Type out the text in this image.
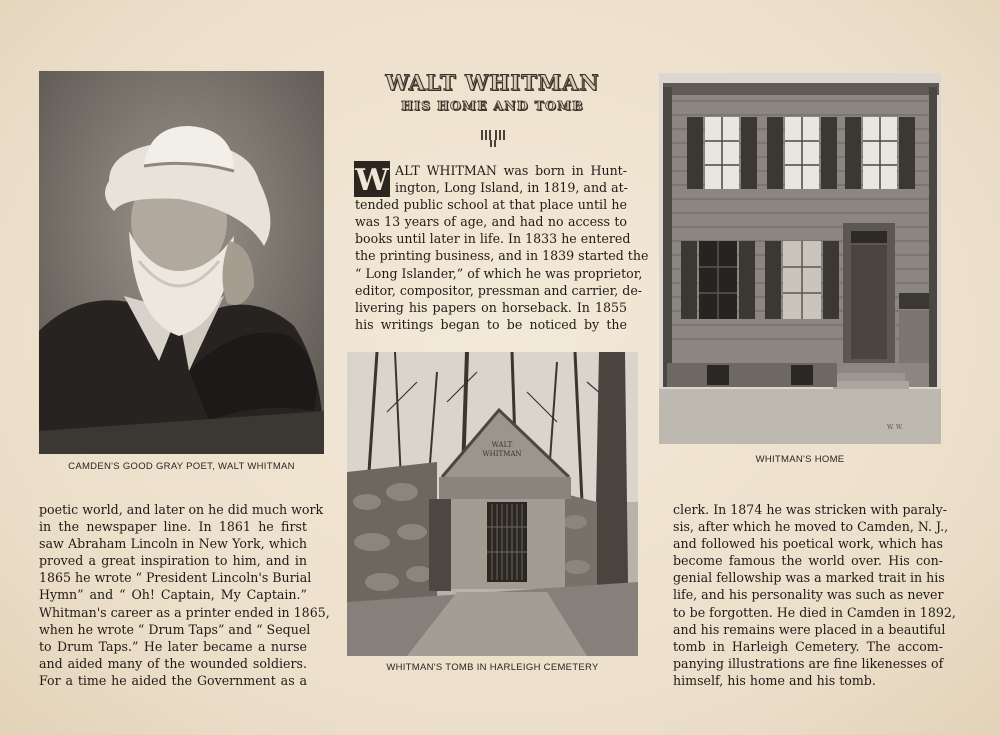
CAMDEN'S GOOD GRAY POET, WALT WHITMAN
WALT WHITMAN
HIS HOME AND TOMB
W ALT WHITMAN was born in Hunt-
ington, Long Island, in 1819, and at-
tended public school at that place until he
was 13 years of age, and had no access to
books until later in life. In 1833 he entered
the printing business, and in 1839 started the
“ Long Islander,” of which he was proprietor,
editor, compositor, pressman and carrier, de-
livering his papers on horseback. In 1855
his writings began to be noticed by the
WALT
WHITMAN
WHITMAN'S TOMB IN HARLEIGH CEMETERY
W. W.
WHITMAN'S HOME
poetic world, and later on he did much work
in the newspaper line. In 1861 he first
saw Abraham Lincoln in New York, which
proved a great inspiration to him, and in
1865 he wrote “ President Lincoln's Burial
Hymn” and “ Oh! Captain, My Captain.”
Whitman's career as a printer ended in 1865,
when he wrote “ Drum Taps” and “ Sequel
to Drum Taps.” He later became a nurse
and aided many of the wounded soldiers.
For a time he aided the Government as a
clerk. In 1874 he was stricken with paraly-
sis, after which he moved to Camden, N. J.,
and followed his poetical work, which has
become famous the world over. His con-
genial fellowship was a marked trait in his
life, and his personality was such as never
to be forgotten. He died in Camden in 1892,
and his remains were placed in a beautiful
tomb in Harleigh Cemetery. The accom-
panying illustrations are fine likenesses of
himself, his home and his tomb.
